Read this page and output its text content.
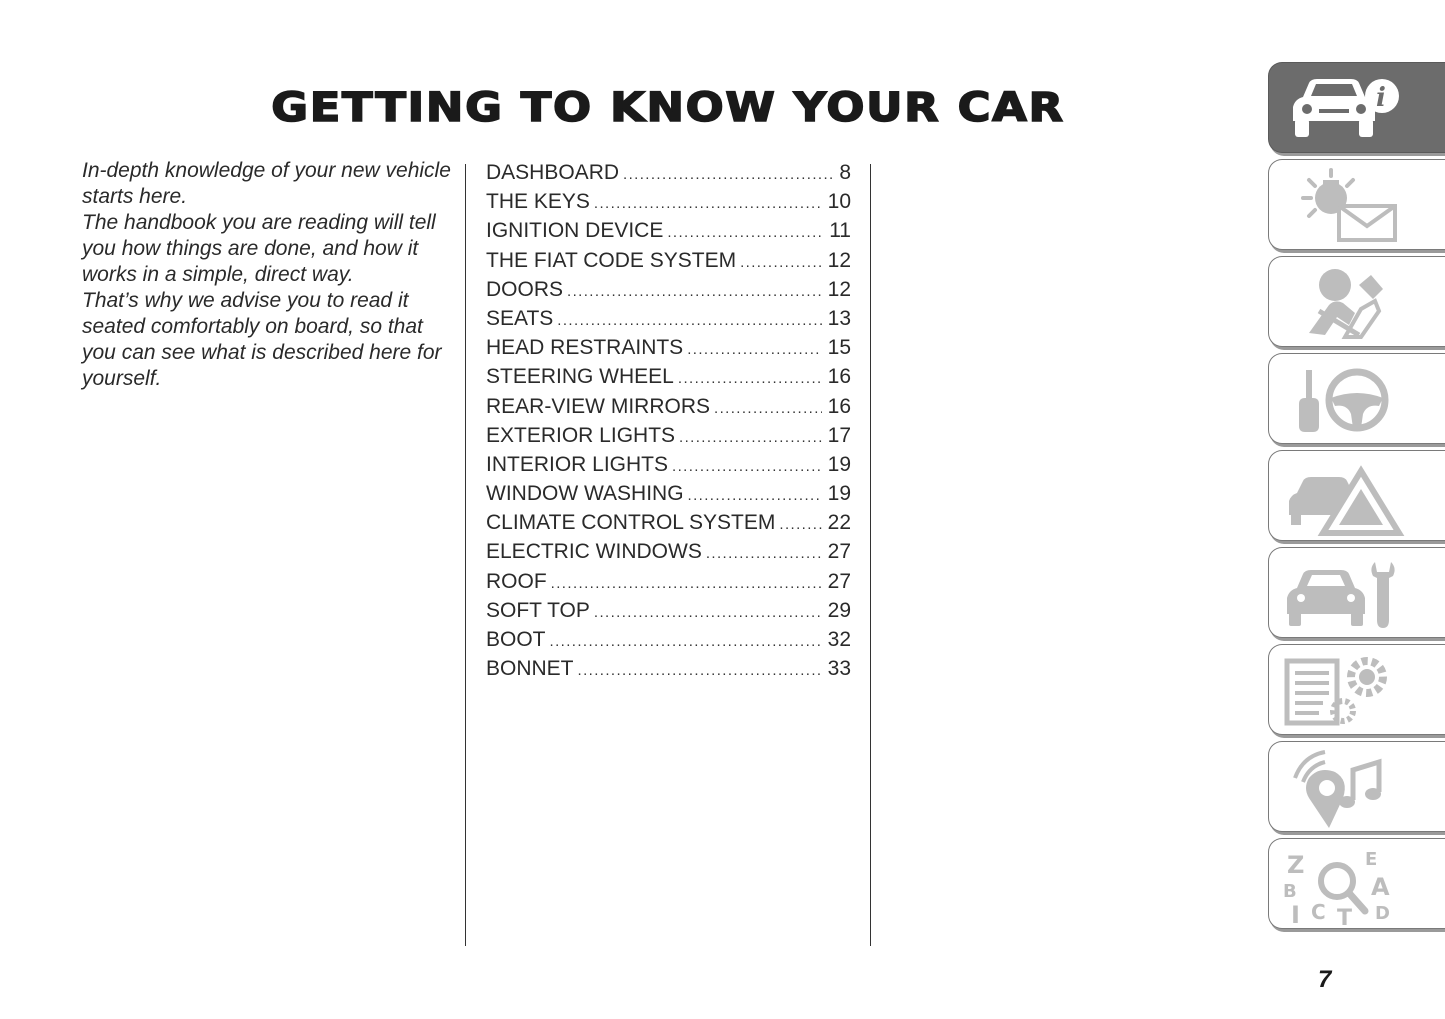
GETTING TO KNOW YOUR CAR

In-depth knowledge of your new vehicle starts here.

The handbook you are reading will tell you how things are done, and how it works in a simple, direct way.

That’s why we advise you to read it seated comfortably on board, so that you can see what is described here for yourself.

DASHBOARD .....	8
THE KEYS .....	10
IGNITION DEVICE .....	11
THE FIAT CODE SYSTEM .....	12
DOORS .....	12
SEATS .....	13
HEAD RESTRAINTS .....	15
STEERING WHEEL .....	16
REAR-VIEW MIRRORS .....	16
EXTERIOR LIGHTS .....	17
INTERIOR LIGHTS .....	19
WINDOW WASHING .....	19
CLIMATE CONTROL SYSTEM ..... 22
ELECTRIC WINDOWS .....	27
ROOF .....	27
SOFT TOP .....	29
BOOT .....	32
BONNET .....	33
i
Z	E
B	A
C T D
I
7
